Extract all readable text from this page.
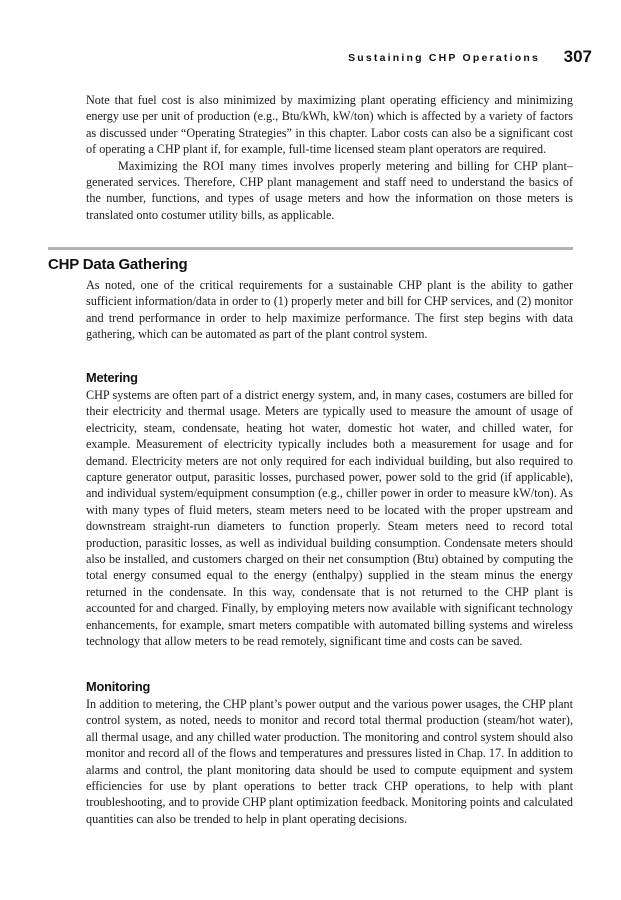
Sustaining CHP Operations 307

Note that fuel cost is also minimized by maximizing plant operating efficiency and minimizing energy use per unit of production (e.g., Btu/kWh, kW/ton) which is affected by a variety of factors as discussed under “Operating Strategies” in this chapter. Labor costs can also be a significant cost of operating a CHP plant if, for example, full-time licensed steam plant operators are required.

Maximizing the ROI many times involves properly metering and billing for CHP plant–generated services. Therefore, CHP plant management and staff need to understand the basics of the number, functions, and types of usage meters and how the information on those meters is translated onto costumer utility bills, as applicable.

CHP Data Gathering

As noted, one of the critical requirements for a sustainable CHP plant is the ability to gather sufficient information/data in order to (1) properly meter and bill for CHP services, and (2) monitor and trend performance in order to help maximize performance. The first step begins with data gathering, which can be automated as part of the plant control system.

Metering

CHP systems are often part of a district energy system, and, in many cases, costumers are billed for their electricity and thermal usage. Meters are typically used to measure the amount of usage of electricity, steam, condensate, heating hot water, domestic hot water, and chilled water, for example. Measurement of electricity typically includes both a measurement for usage and for demand. Electricity meters are not only required for each individual building, but also required to capture generator output, parasitic losses, purchased power, power sold to the grid (if applicable), and individual system/equipment consumption (e.g., chiller power in order to measure kW/ton). As with many types of fluid meters, steam meters need to be located with the proper upstream and downstream straight-run diameters to function properly. Steam meters need to record total production, parasitic losses, as well as individual building consumption. Condensate meters should also be installed, and customers charged on their net consumption (Btu) obtained by computing the total energy consumed equal to the energy (enthalpy) supplied in the steam minus the energy returned in the condensate. In this way, condensate that is not returned to the CHP plant is accounted for and charged. Finally, by employing meters now available with significant technology enhancements, for example, smart meters compatible with automated billing systems and wireless technology that allow meters to be read remotely, significant time and costs can be saved.

Monitoring

In addition to metering, the CHP plant’s power output and the various power usages, the CHP plant control system, as noted, needs to monitor and record total thermal production (steam/hot water), all thermal usage, and any chilled water production. The monitoring and control system should also monitor and record all of the flows and temperatures and pressures listed in Chap. 17. In addition to alarms and control, the plant monitoring data should be used to compute equipment and system efficiencies for use by plant operations to better track CHP operations, to help with plant troubleshooting, and to provide CHP plant optimization feedback. Monitoring points and calculated quantities can also be trended to help in plant operating decisions.
